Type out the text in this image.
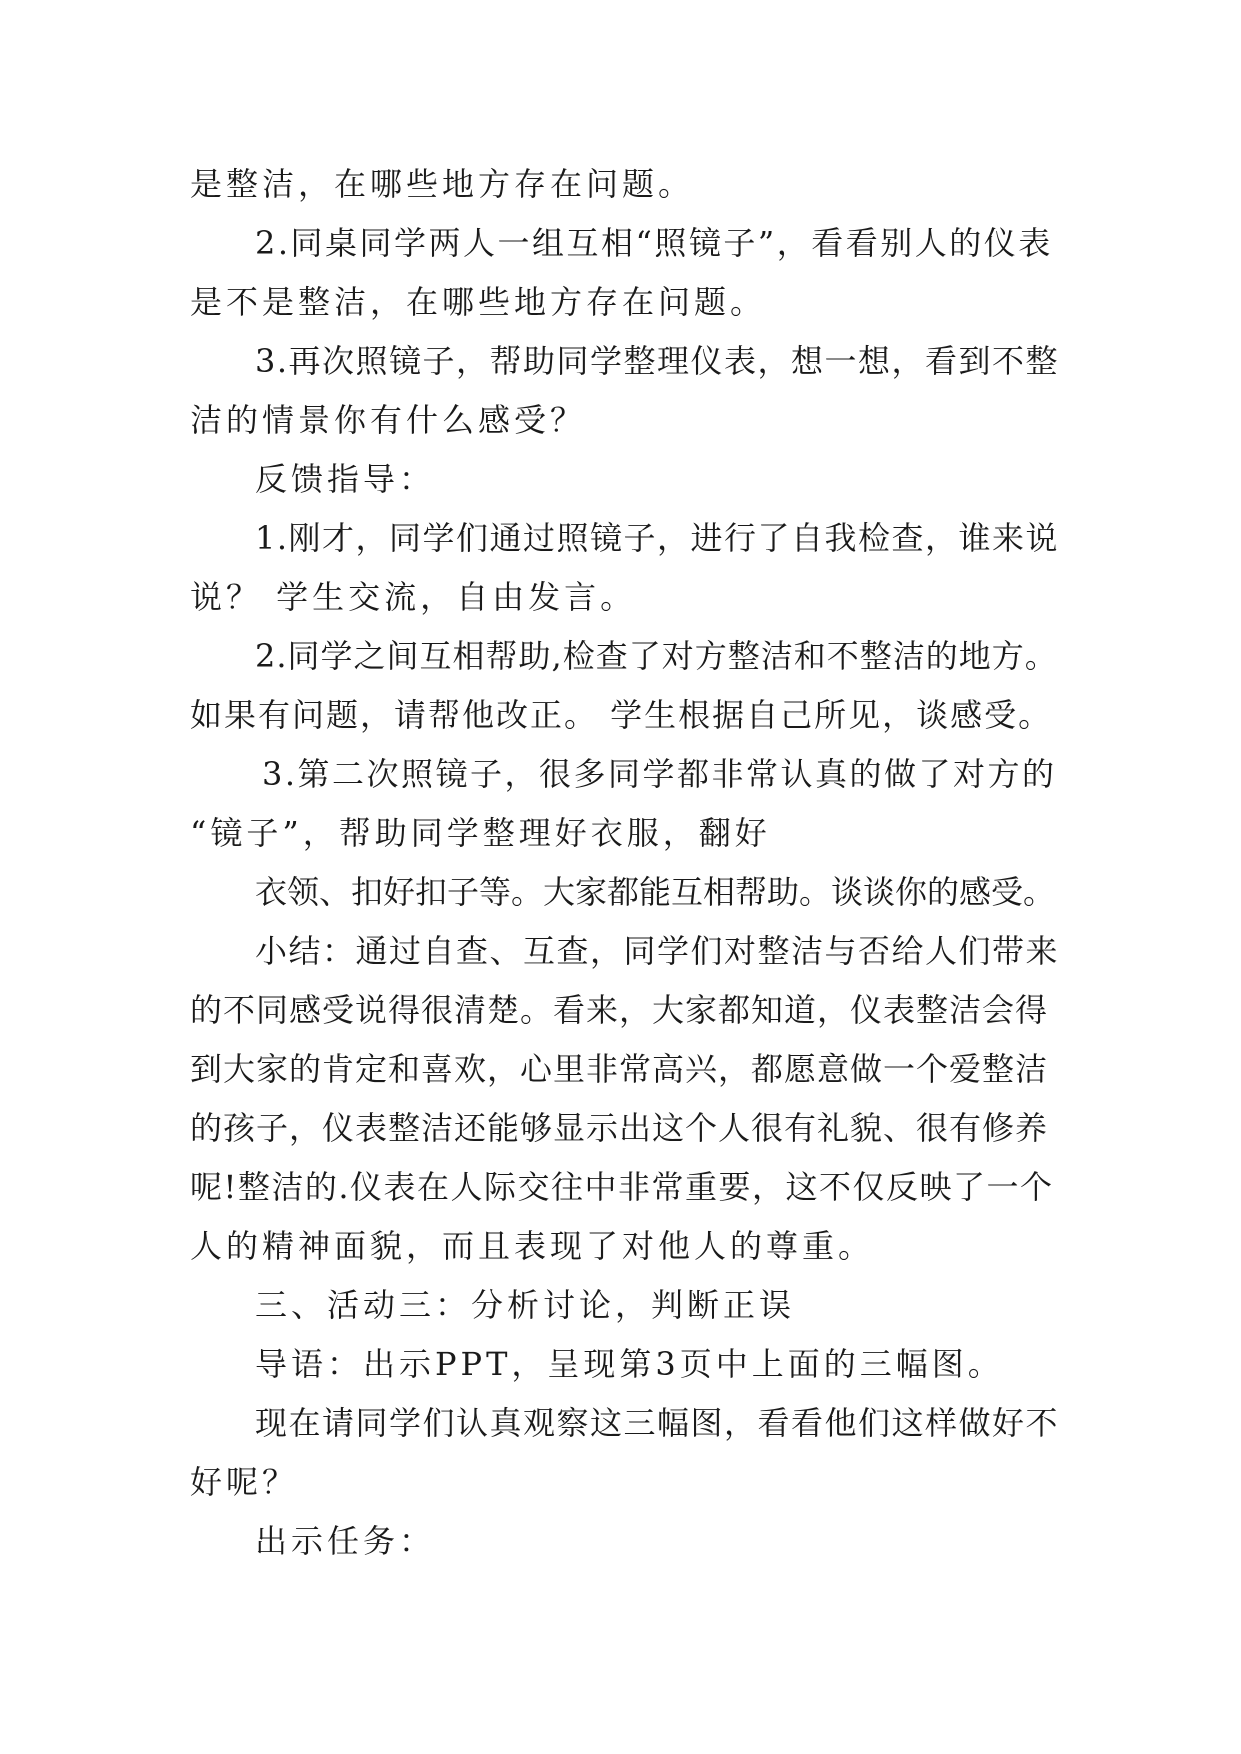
是整洁，在哪些地方存在问题。
2.同桌同学两人一组互相“照镜子”，看看别人的仪表
是不是整洁，在哪些地方存在问题。
3.再次照镜子，帮助同学整理仪表，想一想，看到不整
洁的情景你有什么感受？
反馈指导：
1.刚才，同学们通过照镜子，进行了自我检查，谁来说
说？ 学生交流，自由发言。
2.同学之间互相帮助,检查了对方整洁和不整洁的地方。
如果有问题，请帮他改正。 学生根据自己所见，谈感受。
3.第二次照镜子，很多同学都非常认真的做了对方的
“镜子”，帮助同学整理好衣服，翻好
衣领、扣好扣子等。大家都能互相帮助。谈谈你的感受。
小结：通过自查、互查，同学们对整洁与否给人们带来
的不同感受说得很清楚。看来，大家都知道，仪表整洁会得
到大家的肯定和喜欢，心里非常高兴，都愿意做一个爱整洁
的孩子，仪表整洁还能够显示出这个人很有礼貌、很有修养
呢!整洁的.仪表在人际交往中非常重要，这不仅反映了一个
人的精神面貌，而且表现了对他人的尊重。
三、活动三：分析讨论，判断正误
导语：出示PPT，呈现第3页中上面的三幅图。
现在请同学们认真观察这三幅图，看看他们这样做好不
好呢？
出示任务：
